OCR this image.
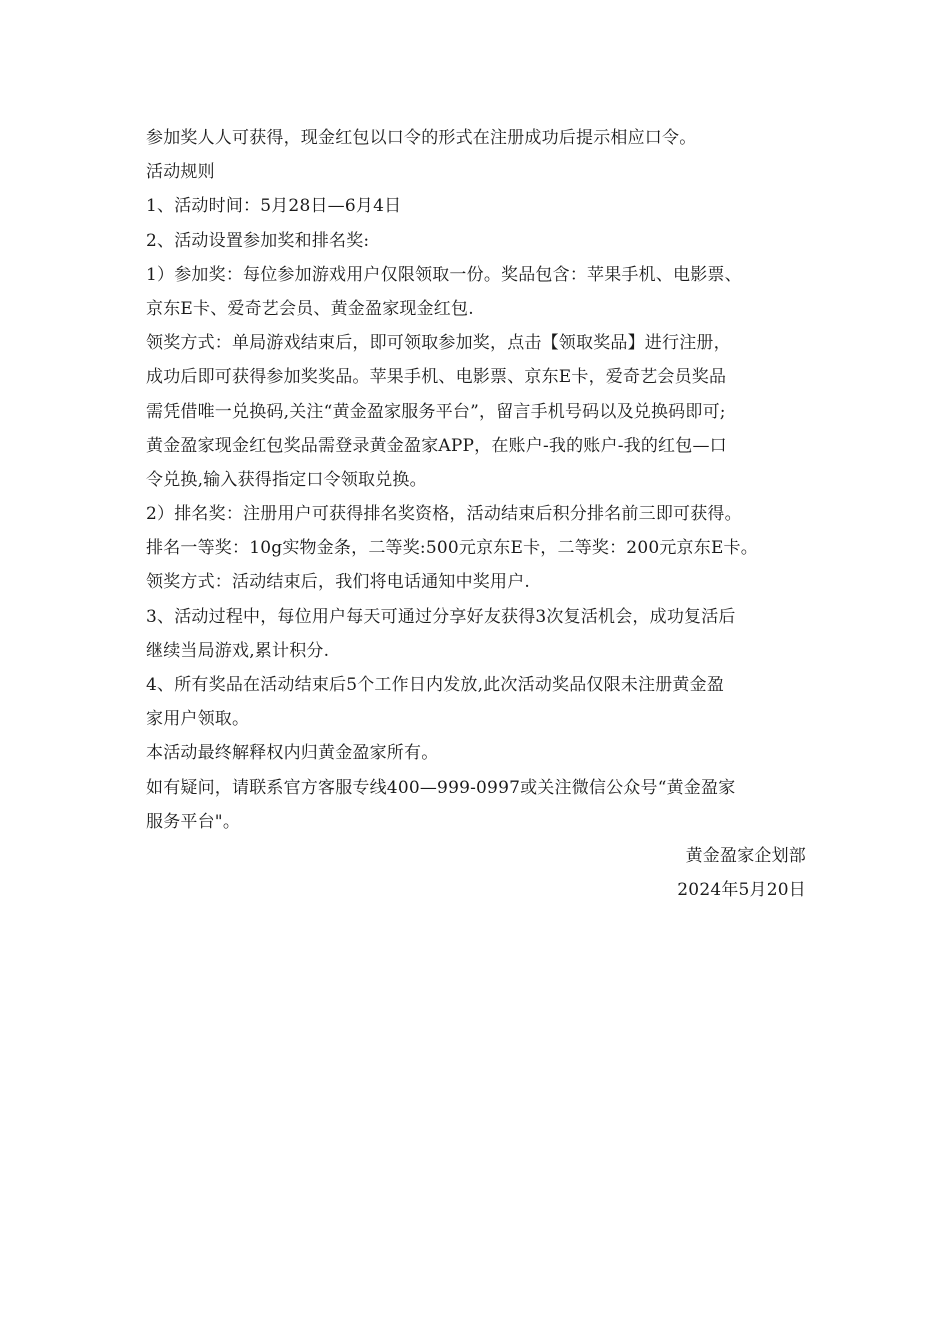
参加奖人人可获得，现金红包以口令的形式在注册成功后提示相应口令。
活动规则
1、活动时间：5月28日—6月4日
2、活动设置参加奖和排名奖:
1）参加奖：每位参加游戏用户仅限领取一份。奖品包含：苹果手机、电影票、
京东E卡、爱奇艺会员、黄金盈家现金红包.
领奖方式：单局游戏结束后，即可领取参加奖，点击【领取奖品】进行注册，
成功后即可获得参加奖奖品。苹果手机、电影票、京东E卡，爱奇艺会员奖品
需凭借唯一兑换码,关注“黄金盈家服务平台”，留言手机号码以及兑换码即可;
黄金盈家现金红包奖品需登录黄金盈家APP，在账户-我的账户-我的红包—口
令兑换,输入获得指定口令领取兑换。
2）排名奖：注册用户可获得排名奖资格，活动结束后积分排名前三即可获得。
排名一等奖：10g实物金条，二等奖:500元京东E卡，二等奖：200元京东E卡。
领奖方式：活动结束后，我们将电话通知中奖用户.
3、活动过程中，每位用户每天可通过分享好友获得3次复活机会，成功复活后
继续当局游戏,累计积分.
4、所有奖品在活动结束后5个工作日内发放,此次活动奖品仅限未注册黄金盈
家用户领取。
本活动最终解释权内归黄金盈家所有。
如有疑问，请联系官方客服专线400—999-0997或关注微信公众号“黄金盈家
服务平台"。
黄金盈家企划部
2024年5月20日
